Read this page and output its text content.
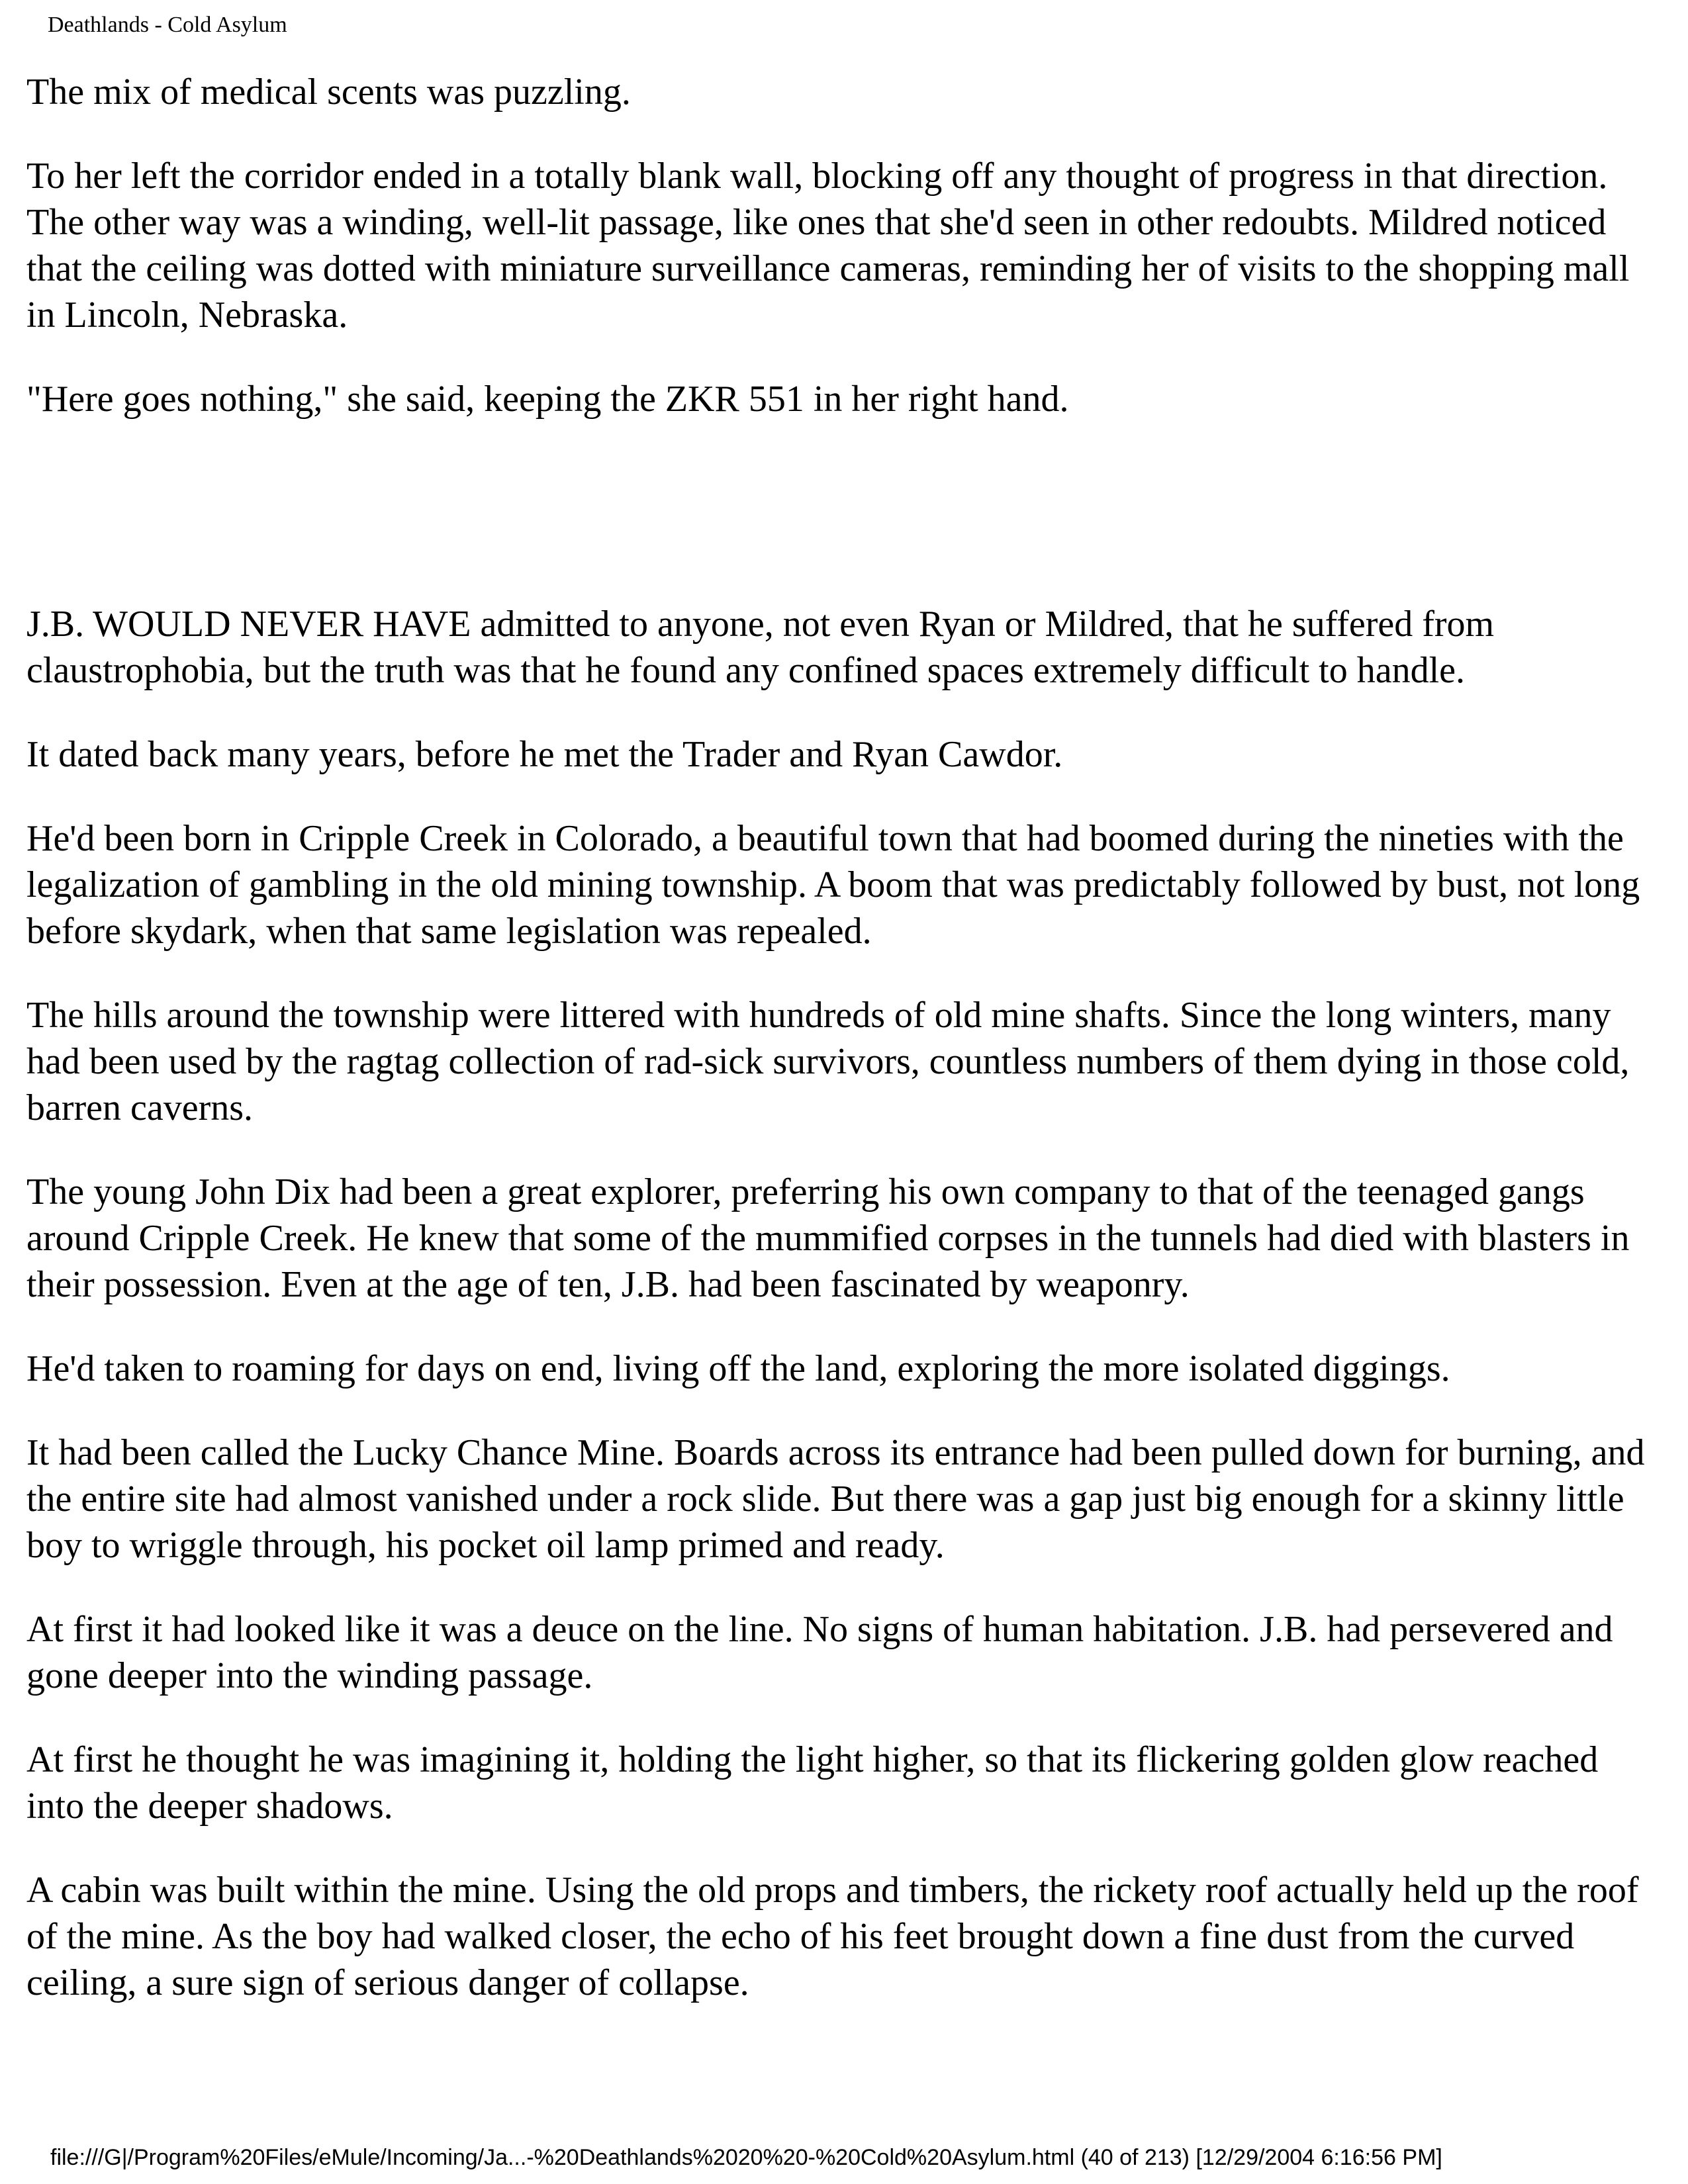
Deathlands - Cold Asylum

The mix of medical scents was puzzling.

To her left the corridor ended in a totally blank wall, blocking off any thought of progress in that direction. The other way was a winding, well-lit passage, like ones that she'd seen in other redoubts. Mildred noticed that the ceiling was dotted with miniature surveillance cameras, reminding her of visits to the shopping mall in Lincoln, Nebraska.

"Here goes nothing," she said, keeping the ZKR 551 in her right hand.

J.B. WOULD NEVER HAVE admitted to anyone, not even Ryan or Mildred, that he suffered from claustrophobia, but the truth was that he found any confined spaces extremely difficult to handle.

It dated back many years, before he met the Trader and Ryan Cawdor.

He'd been born in Cripple Creek in Colorado, a beautiful town that had boomed during the nineties with the legalization of gambling in the old mining township. A boom that was predictably followed by bust, not long before skydark, when that same legislation was repealed.

The hills around the township were littered with hundreds of old mine shafts. Since the long winters, many had been used by the ragtag collection of rad-sick survivors, countless numbers of them dying in those cold, barren caverns.

The young John Dix had been a great explorer, preferring his own company to that of the teenaged gangs around Cripple Creek. He knew that some of the mummified corpses in the tunnels had died with blasters in their possession. Even at the age of ten, J.B. had been fascinated by weaponry.

He'd taken to roaming for days on end, living off the land, exploring the more isolated diggings.

It had been called the Lucky Chance Mine. Boards across its entrance had been pulled down for burning, and the entire site had almost vanished under a rock slide. But there was a gap just big enough for a skinny little boy to wriggle through, his pocket oil lamp primed and ready.

At first it had looked like it was a deuce on the line. No signs of human habitation. J.B. had persevered and gone deeper into the winding passage.

At first he thought he was imagining it, holding the light higher, so that its flickering golden glow reached into the deeper shadows.

A cabin was built within the mine. Using the old props and timbers, the rickety roof actually held up the roof of the mine. As the boy had walked closer, the echo of his feet brought down a fine dust from the curved ceiling, a sure sign of serious danger of collapse.

file:///G|/Program%20Files/eMule/Incoming/Ja...-%20Deathlands%2020%20-%20Cold%20Asylum.html (40 of 213) [12/29/2004 6:16:56 PM]
